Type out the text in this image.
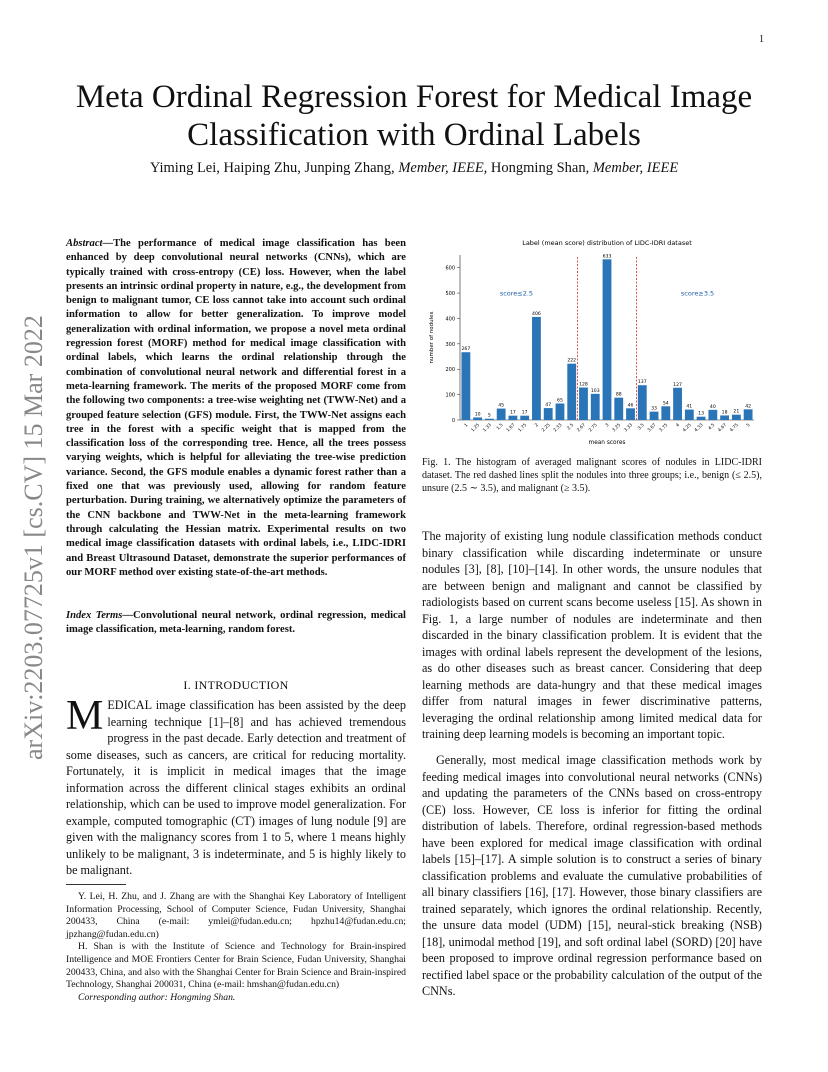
1
arXiv:2203.07725v1 [cs.CV] 15 Mar 2022
Meta Ordinal Regression Forest for Medical Image
Classification with Ordinal Labels
Yiming Lei, Haiping Zhu, Junping Zhang, Member, IEEE, Hongming Shan, Member, IEEE
Abstract—The performance of medical image classification has been enhanced by deep convolutional neural networks (CNNs), which are typically trained with cross-entropy (CE) loss. However, when the label presents an intrinsic ordinal property in nature, e.g., the development from benign to malignant tumor, CE loss cannot take into account such ordinal information to allow for better generalization. To improve model generalization with ordinal information, we propose a novel meta ordinal regression forest (MORF) method for medical image classification with ordinal labels, which learns the ordinal relationship through the combination of convolutional neural network and differential forest in a meta-learning framework. The merits of the proposed MORF come from the following two components: a tree-wise weighting net (TWW-Net) and a grouped feature selection (GFS) module. First, the TWW-Net assigns each tree in the forest with a specific weight that is mapped from the classification loss of the corresponding tree. Hence, all the trees possess varying weights, which is helpful for alleviating the tree-wise prediction variance. Second, the GFS module enables a dynamic forest rather than a fixed one that was previously used, allowing for random feature perturbation. During training, we alternatively optimize the parameters of the CNN backbone and TWW-Net in the meta-learning framework through calculating the Hessian matrix. Experimental results on two medical image classification datasets with ordinal labels, i.e., LIDC-IDRI and Breast Ultrasound Dataset, demonstrate the superior performances of our MORF method over existing state-of-the-art methods.
Index Terms—Convolutional neural network, ordinal regression, medical image classification, meta-learning, random forest.
I. INTRODUCTION
MEDICAL image classification has been assisted by the deep learning technique [1]–[8] and has achieved tremendous progress in the past decade. Early detection and treatment of some diseases, such as cancers, are critical for reducing mortality. Fortunately, it is implicit in medical images that the image information across the different clinical stages exhibits an ordinal relationship, which can be used to improve model generalization. For example, computed tomographic (CT) images of lung nodule [9] are given with the malignancy scores from 1 to 5, where 1 means highly unlikely to be malignant, 3 is indeterminate, and 5 is highly likely to be malignant.

Y. Lei, H. Zhu, and J. Zhang are with the Shanghai Key Laboratory of Intelligent Information Processing, School of Computer Science, Fudan University, Shanghai 200433, China (e-mail: ymlei@fudan.edu.cn; hpzhu14@fudan.edu.cn; jpzhang@fudan.edu.cn)

H. Shan is with the Institute of Science and Technology for Brain-inspired Intelligence and MOE Frontiers Center for Brain Science, Fudan University, Shanghai 200433, China, and also with the Shanghai Center for Brain Science and Brain-inspired Technology, Shanghai 200031, China (e-mail: hmshan@fudan.edu.cn)

Corresponding author: Hongming Shan.

Label (mean score) distribution of LIDC-IDRI dataset
0
100
200
300
400
500
600
number of nodules	267
1
10
1.25
5
1.33
45
1.5
17
1.67
17
1.75
406
2
47
2.25
65
2.33
222
2.5
128
2.67
103
2.75
633
3
88
3.25
46
3.33
137
3.5
33
3.67
54
3.75
127
4
41
4.25
13
4.33
40
4.5
18
4.67
21
4.75
42
5
score≤2.5	score≥3.5
mean scores
Fig. 1. The histogram of averaged malignant scores of nodules in LIDC-IDRI dataset. The red dashed lines split the nodules into three groups; i.e., benign (≤ 2.5), unsure (2.5 ∼ 3.5), and malignant (≥ 3.5).

The majority of existing lung nodule classification methods conduct binary classification while discarding indeterminate or unsure nodules [3], [8], [10]–[14]. In other words, the unsure nodules that are between benign and malignant and cannot be classified by radiologists based on current scans become useless [15]. As shown in Fig. 1, a large number of nodules are indeterminate and then discarded in the binary classification problem. It is evident that the images with ordinal labels represent the development of the lesions, as do other diseases such as breast cancer. Considering that deep learning methods are data-hungry and that these medical images differ from natural images in fewer discriminative patterns, leveraging the ordinal relationship among limited medical data for training deep learning models is becoming an important topic.

Generally, most medical image classification methods work by feeding medical images into convolutional neural networks (CNNs) and updating the parameters of the CNNs based on cross-entropy (CE) loss. However, CE loss is inferior for fitting the ordinal distribution of labels. Therefore, ordinal regression-based methods have been explored for medical image classification with ordinal labels [15]–[17]. A simple solution is to construct a series of binary classification problems and evaluate the cumulative probabilities of all binary classifiers [16], [17]. However, those binary classifiers are trained separately, which ignores the ordinal relationship. Recently, the unsure data model (UDM) [15], neural-stick breaking (NSB) [18], unimodal method [19], and soft ordinal label (SORD) [20] have been proposed to improve ordinal regression performance based on rectified label space or the probability calculation of the output of the CNNs.
